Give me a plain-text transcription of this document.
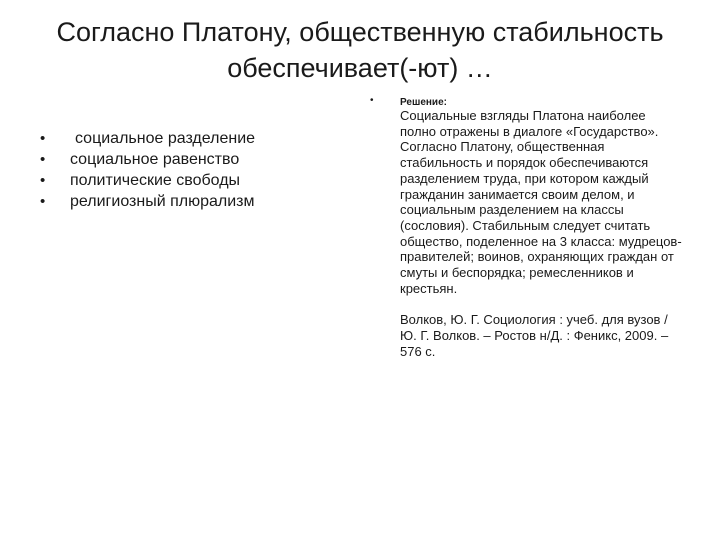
Согласно Платону, общественную стабильность
обеспечивает(-ют) …
• социальное разделение
• социальное равенство
• политические свободы
• религиозный плюрализм
•	Решение:

Социальные взгляды Платона наиболее полно отражены в диалоге «Государство». Согласно Платону, общественная стабильность и порядок обеспечиваются разделением труда, при котором каждый гражданин занимается своим делом, и социальным разделением на классы (сословия). Стабильным следует считать общество, поделенное на 3 класса: мудрецов-правителей; воинов, охраняющих граждан от смуты и беспорядка; ремесленников и крестьян.

Волков, Ю. Г. Социология : учеб. для вузов / Ю. Г. Волков. – Ростов н/Д. : Феникс, 2009. – 576 с.
